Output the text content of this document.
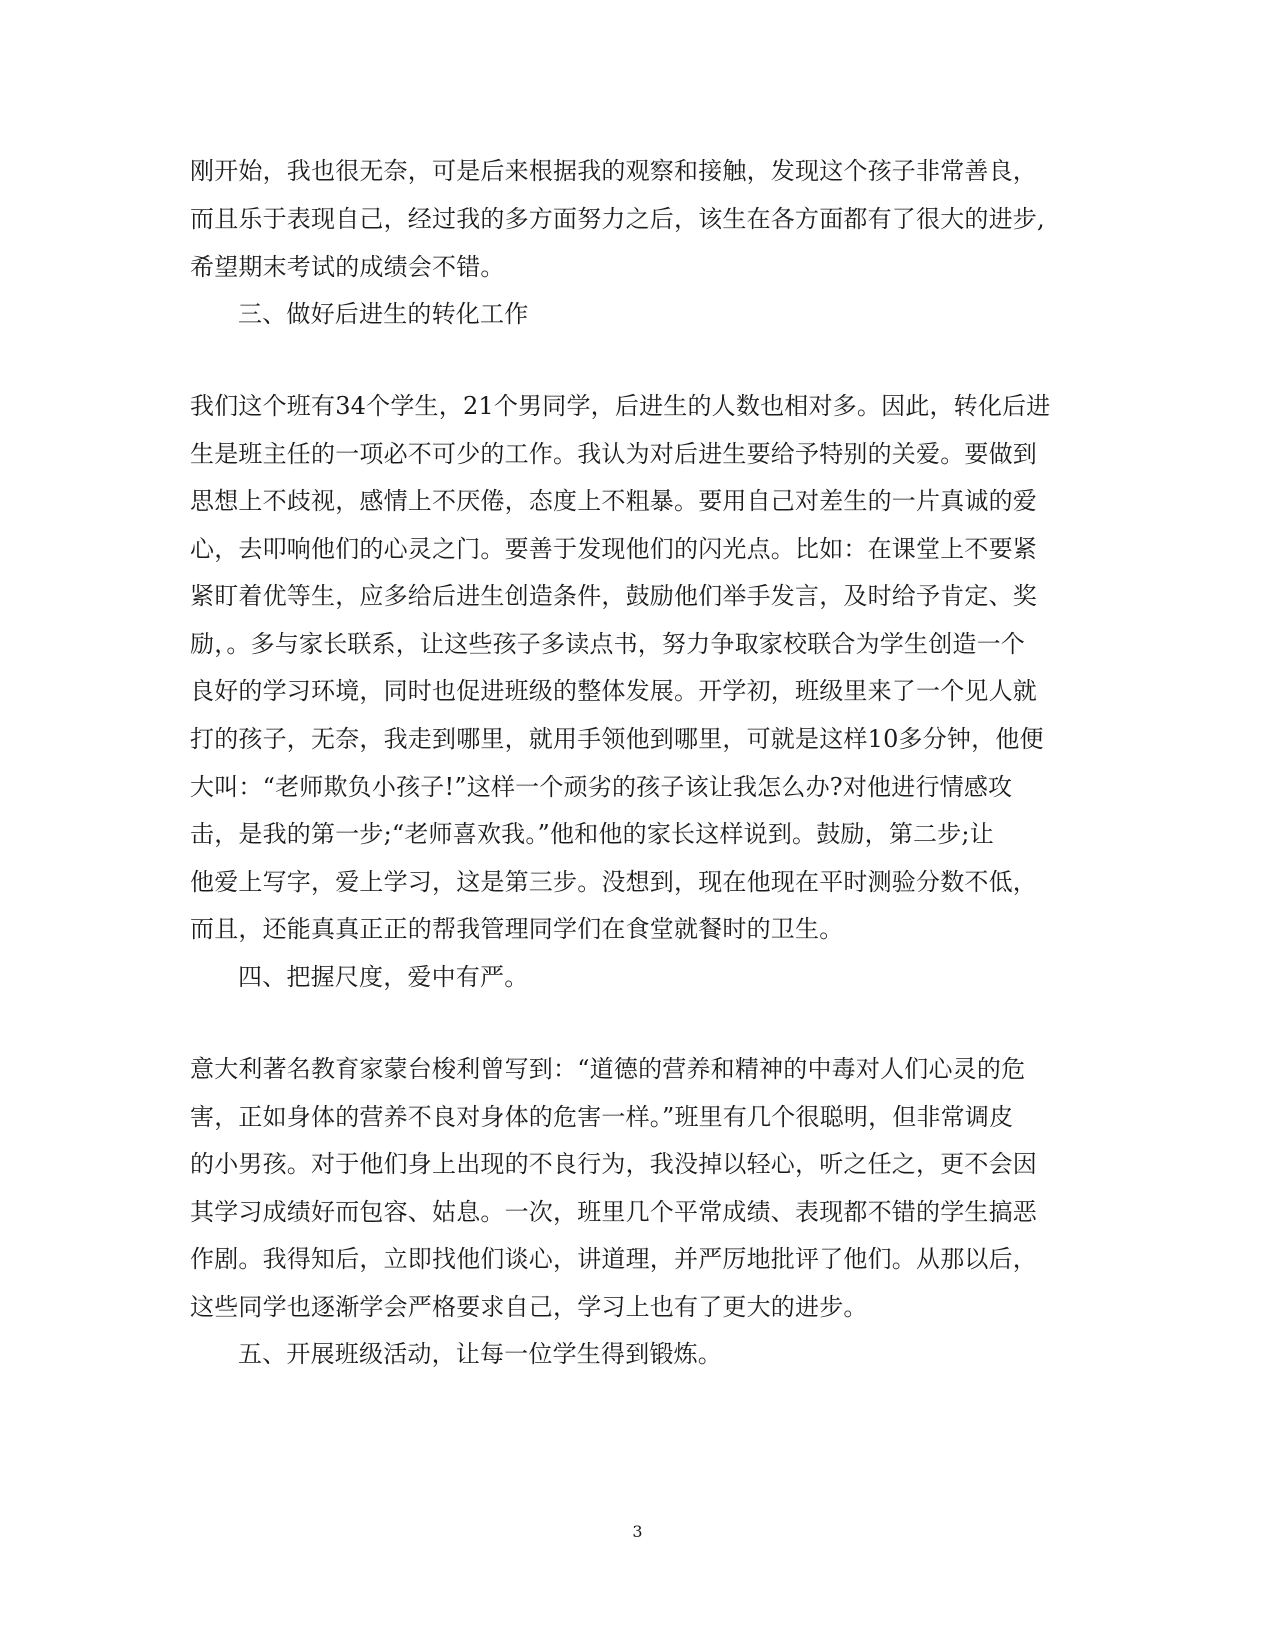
刚开始，我也很无奈，可是后来根据我的观察和接触，发现这个孩子非常善良，
而且乐于表现自己，经过我的多方面努力之后，该生在各方面都有了很大的进步,
希望期末考试的成绩会不错。
三、做好后进生的转化工作
我们这个班有34个学生，21个男同学，后进生的人数也相对多。因此，转化后进
生是班主任的一项必不可少的工作。我认为对后进生要给予特别的关爱。要做到
思想上不歧视，感情上不厌倦，态度上不粗暴。要用自己对差生的一片真诚的爱
心，去叩响他们的心灵之门。要善于发现他们的闪光点。比如：在课堂上不要紧
紧盯着优等生，应多给后进生创造条件，鼓励他们举手发言，及时给予肯定、奖
励，。多与家长联系，让这些孩子多读点书，努力争取家校联合为学生创造一个
良好的学习环境，同时也促进班级的整体发展。开学初，班级里来了一个见人就
打的孩子，无奈，我走到哪里，就用手领他到哪里，可就是这样10多分钟，他便
大叫：“老师欺负小孩子!”这样一个顽劣的孩子该让我怎么办?对他进行情感攻
击，是我的第一步;“老师喜欢我。”他和他的家长这样说到。鼓励，第二步;让
他爱上写字，爱上学习，这是第三步。没想到，现在他现在平时测验分数不低，
而且，还能真真正正的帮我管理同学们在食堂就餐时的卫生。
四、把握尺度，爱中有严。
意大利著名教育家蒙台梭利曾写到：“道德的营养和精神的中毒对人们心灵的危
害，正如身体的营养不良对身体的危害一样。”班里有几个很聪明，但非常调皮
的小男孩。对于他们身上出现的不良行为，我没掉以轻心，听之任之，更不会因
其学习成绩好而包容、姑息。一次，班里几个平常成绩、表现都不错的学生搞恶
作剧。我得知后，立即找他们谈心，讲道理，并严厉地批评了他们。从那以后，
这些同学也逐渐学会严格要求自己，学习上也有了更大的进步。
五、开展班级活动，让每一位学生得到锻炼。
3
